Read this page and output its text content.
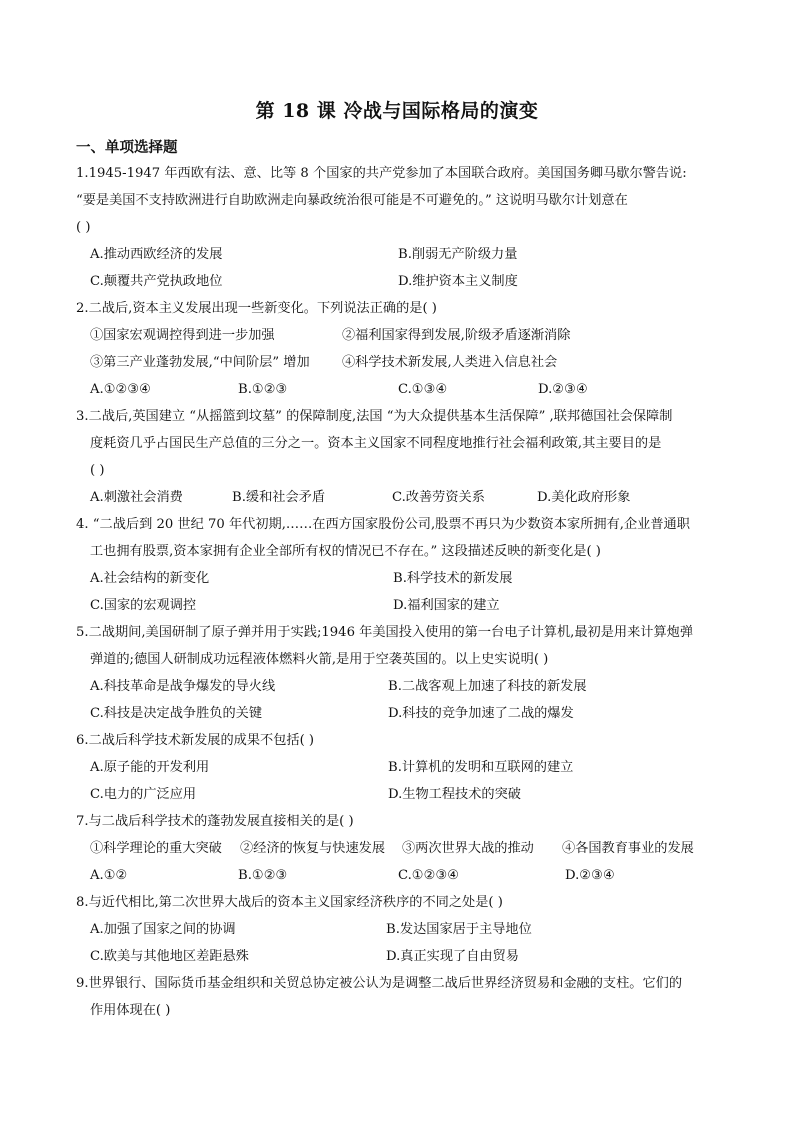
第 18 课 冷战与国际格局的演变
一、单项选择题
1.1945-1947 年西欧有法、意、比等 8 个国家的共产党参加了本国联合政府。美国国务卿马歇尔警告说:
“要是美国不支持欧洲进行自助欧洲走向暴政统治很可能是不可避免的。” 这说明马歇尔计划意在
( )
A.推动西欧经济的发展	B.削弱无产阶级力量
C.颠覆共产党执政地位	D.维护资本主义制度
2.二战后,资本主义发展出现一些新变化。下列说法正确的是( )
①国家宏观调控得到进一步加强	②福利国家得到发展,阶级矛盾逐渐消除
③第三产业蓬勃发展,“中间阶层” 增加 ④科学技术新发展,人类进入信息社会
A.①②③④	B.①②③	C.①③④	D.②③④
3.二战后,英国建立 “从摇篮到坟墓” 的保障制度,法国 “为大众提供基本生活保障” ,联邦德国社会保障制
度耗资几乎占国民生产总值的三分之一。资本主义国家不同程度地推行社会福利政策,其主要目的是
( )
A.刺激社会消费	B.缓和社会矛盾	C.改善劳资关系	D.美化政府形象
4. “二战后到 20 世纪 70 年代初期,……在西方国家股份公司,股票不再只为少数资本家所拥有,企业普通职
工也拥有股票,资本家拥有企业全部所有权的情况已不存在。” 这段描述反映的新变化是( )
A.社会结构的新变化	B.科学技术的新发展
C.国家的宏观调控	D.福利国家的建立
5.二战期间,美国研制了原子弹并用于实践;1946 年美国投入使用的第一台电子计算机,最初是用来计算炮弹
弹道的;德国人研制成功远程液体燃料火箭,是用于空袭英国的。以上史实说明( )
A.科技革命是战争爆发的导火线	B.二战客观上加速了科技的新发展
C.科技是决定战争胜负的关键	D.科技的竞争加速了二战的爆发
6.二战后科学技术新发展的成果不包括( )
A.原子能的开发利用	B.计算机的发明和互联网的建立
C.电力的广泛应用	D.生物工程技术的突破
7.与二战后科学技术的蓬勃发展直接相关的是( )
①科学理论的重大突破 ②经济的恢复与快速发展 ③两次世界大战的推动 ④各国教育事业的发展
A.①②	B.①②③	C.①②③④	D.②③④
8.与近代相比,第二次世界大战后的资本主义国家经济秩序的不同之处是( )
A.加强了国家之间的协调	B.发达国家居于主导地位
C.欧美与其他地区差距悬殊	D.真正实现了自由贸易
9.世界银行、国际货币基金组织和关贸总协定被公认为是调整二战后世界经济贸易和金融的支柱。它们的
作用体现在( )
